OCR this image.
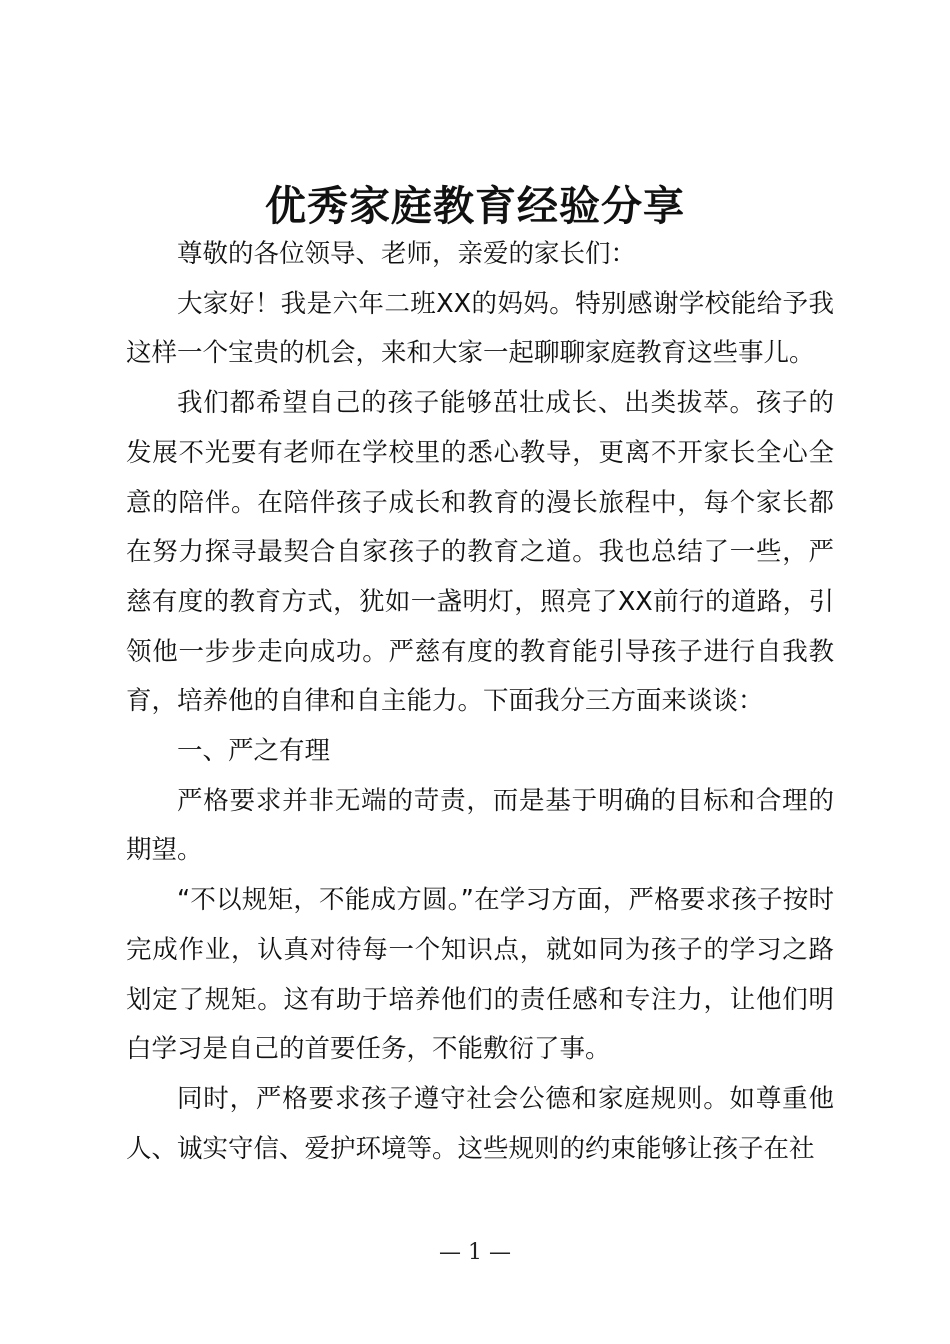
优秀家庭教育经验分享

尊敬的各位领导、老师，亲爱的家长们：

大家好！我是六年二班XX的妈妈。特别感谢学校能给予我这样一个宝贵的机会，来和大家一起聊聊家庭教育这些事儿。

我们都希望自己的孩子能够茁壮成长、出类拔萃。孩子的发展不光要有老师在学校里的悉心教导，更离不开家长全心全意的陪伴。在陪伴孩子成长和教育的漫长旅程中，每个家长都在努力探寻最契合自家孩子的教育之道。我也总结了一些，严慈有度的教育方式，犹如一盏明灯，照亮了XX前行的道路，引领他一步步走向成功。严慈有度的教育能引导孩子进行自我教育，培养他的自律和自主能力。下面我分三方面来谈谈：

一、严之有理

严格要求并非无端的苛责，而是基于明确的目标和合理的期望。

“不以规矩，不能成方圆。”在学习方面，严格要求孩子按时完成作业，认真对待每一个知识点，就如同为孩子的学习之路划定了规矩。这有助于培养他们的责任感和专注力，让他们明白学习是自己的首要任务，不能敷衍了事。

同时，严格要求孩子遵守社会公德和家庭规则。如尊重他人、诚实守信、爱护环境等。这些规则的约束能够让孩子在社

— 1 —
